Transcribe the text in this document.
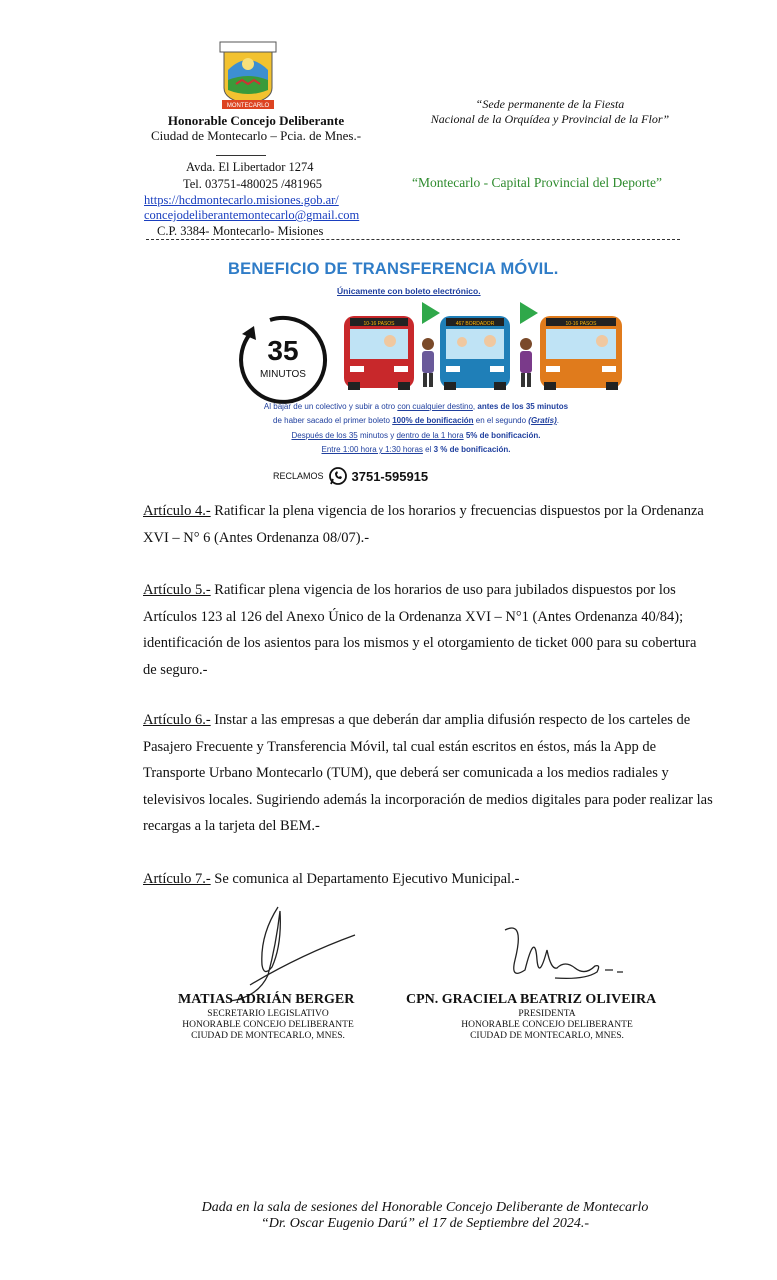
MONTECARLO
Honorable Concejo Deliberante
Ciudad de Montecarlo – Pcia. de Mnes.-
Avda. El Libertador 1274
Tel. 03751-480025 /481965
https://hcdmontecarlo.misiones.gob.ar/
concejodeliberantemontecarlo@gmail.com
C.P. 3384- Montecarlo- Misiones
“Sede permanente de la Fiesta
Nacional de la Orquídea y Provincial de la Flor”
“Montecarlo - Capital Provincial del Deporte”
BENEFICIO DE TRANSFERENCIA MÓVIL.
Únicamente con boleto electrónico.
35
MINUTOS
10-16 PASOS	467 BORDADOR	10-16 PASOS
Al bajar de un colectivo y subir a otro con cualquier destino, antes de los 35 minutos
de haber sacado el primer boleto 100% de bonificación en el segundo (Gratis).
Después de los 35 minutos y dentro de la 1 hora 5% de bonificación.
Entre 1:00 hora y 1:30 horas el 3 % de bonificación.
RECLAMOS 3751-595915
Artículo 4.- Ratificar la plena vigencia de los horarios y frecuencias dispuestos por la Ordenanza XVI – N° 6 (Antes Ordenanza 08/07).-
Artículo 5.- Ratificar plena vigencia de los horarios de uso para jubilados dispuestos por los Artículos 123 al 126 del Anexo Único de la Ordenanza XVI – N°1 (Antes Ordenanza 40/84); identificación de los asientos para los mismos y el otorgamiento de ticket 000 para su cobertura de seguro.-
Artículo 6.- Instar a las empresas a que deberán dar amplia difusión respecto de los carteles de Pasajero Frecuente y Transferencia Móvil, tal cual están escritos en éstos, más la App de Transporte Urbano Montecarlo (TUM), que deberá ser comunicada a los medios radiales y televisivos locales. Sugiriendo además la incorporación de medios digitales para poder realizar las recargas a la tarjeta del BEM.-
Artículo 7.- Se comunica al Departamento Ejecutivo Municipal.-
MATIAS ADRIÁN BERGER
SECRETARIO LEGISLATIVO
HONORABLE CONCEJO DELIBERANTE
CIUDAD DE MONTECARLO, MNES.
CPN. GRACIELA BEATRIZ OLIVEIRA
PRESIDENTA
HONORABLE CONCEJO DELIBERANTE
CIUDAD DE MONTECARLO, MNES.
Dada en la sala de sesiones del Honorable Concejo Deliberante de Montecarlo
“Dr. Oscar Eugenio Darú” el 17 de Septiembre del 2024.-
